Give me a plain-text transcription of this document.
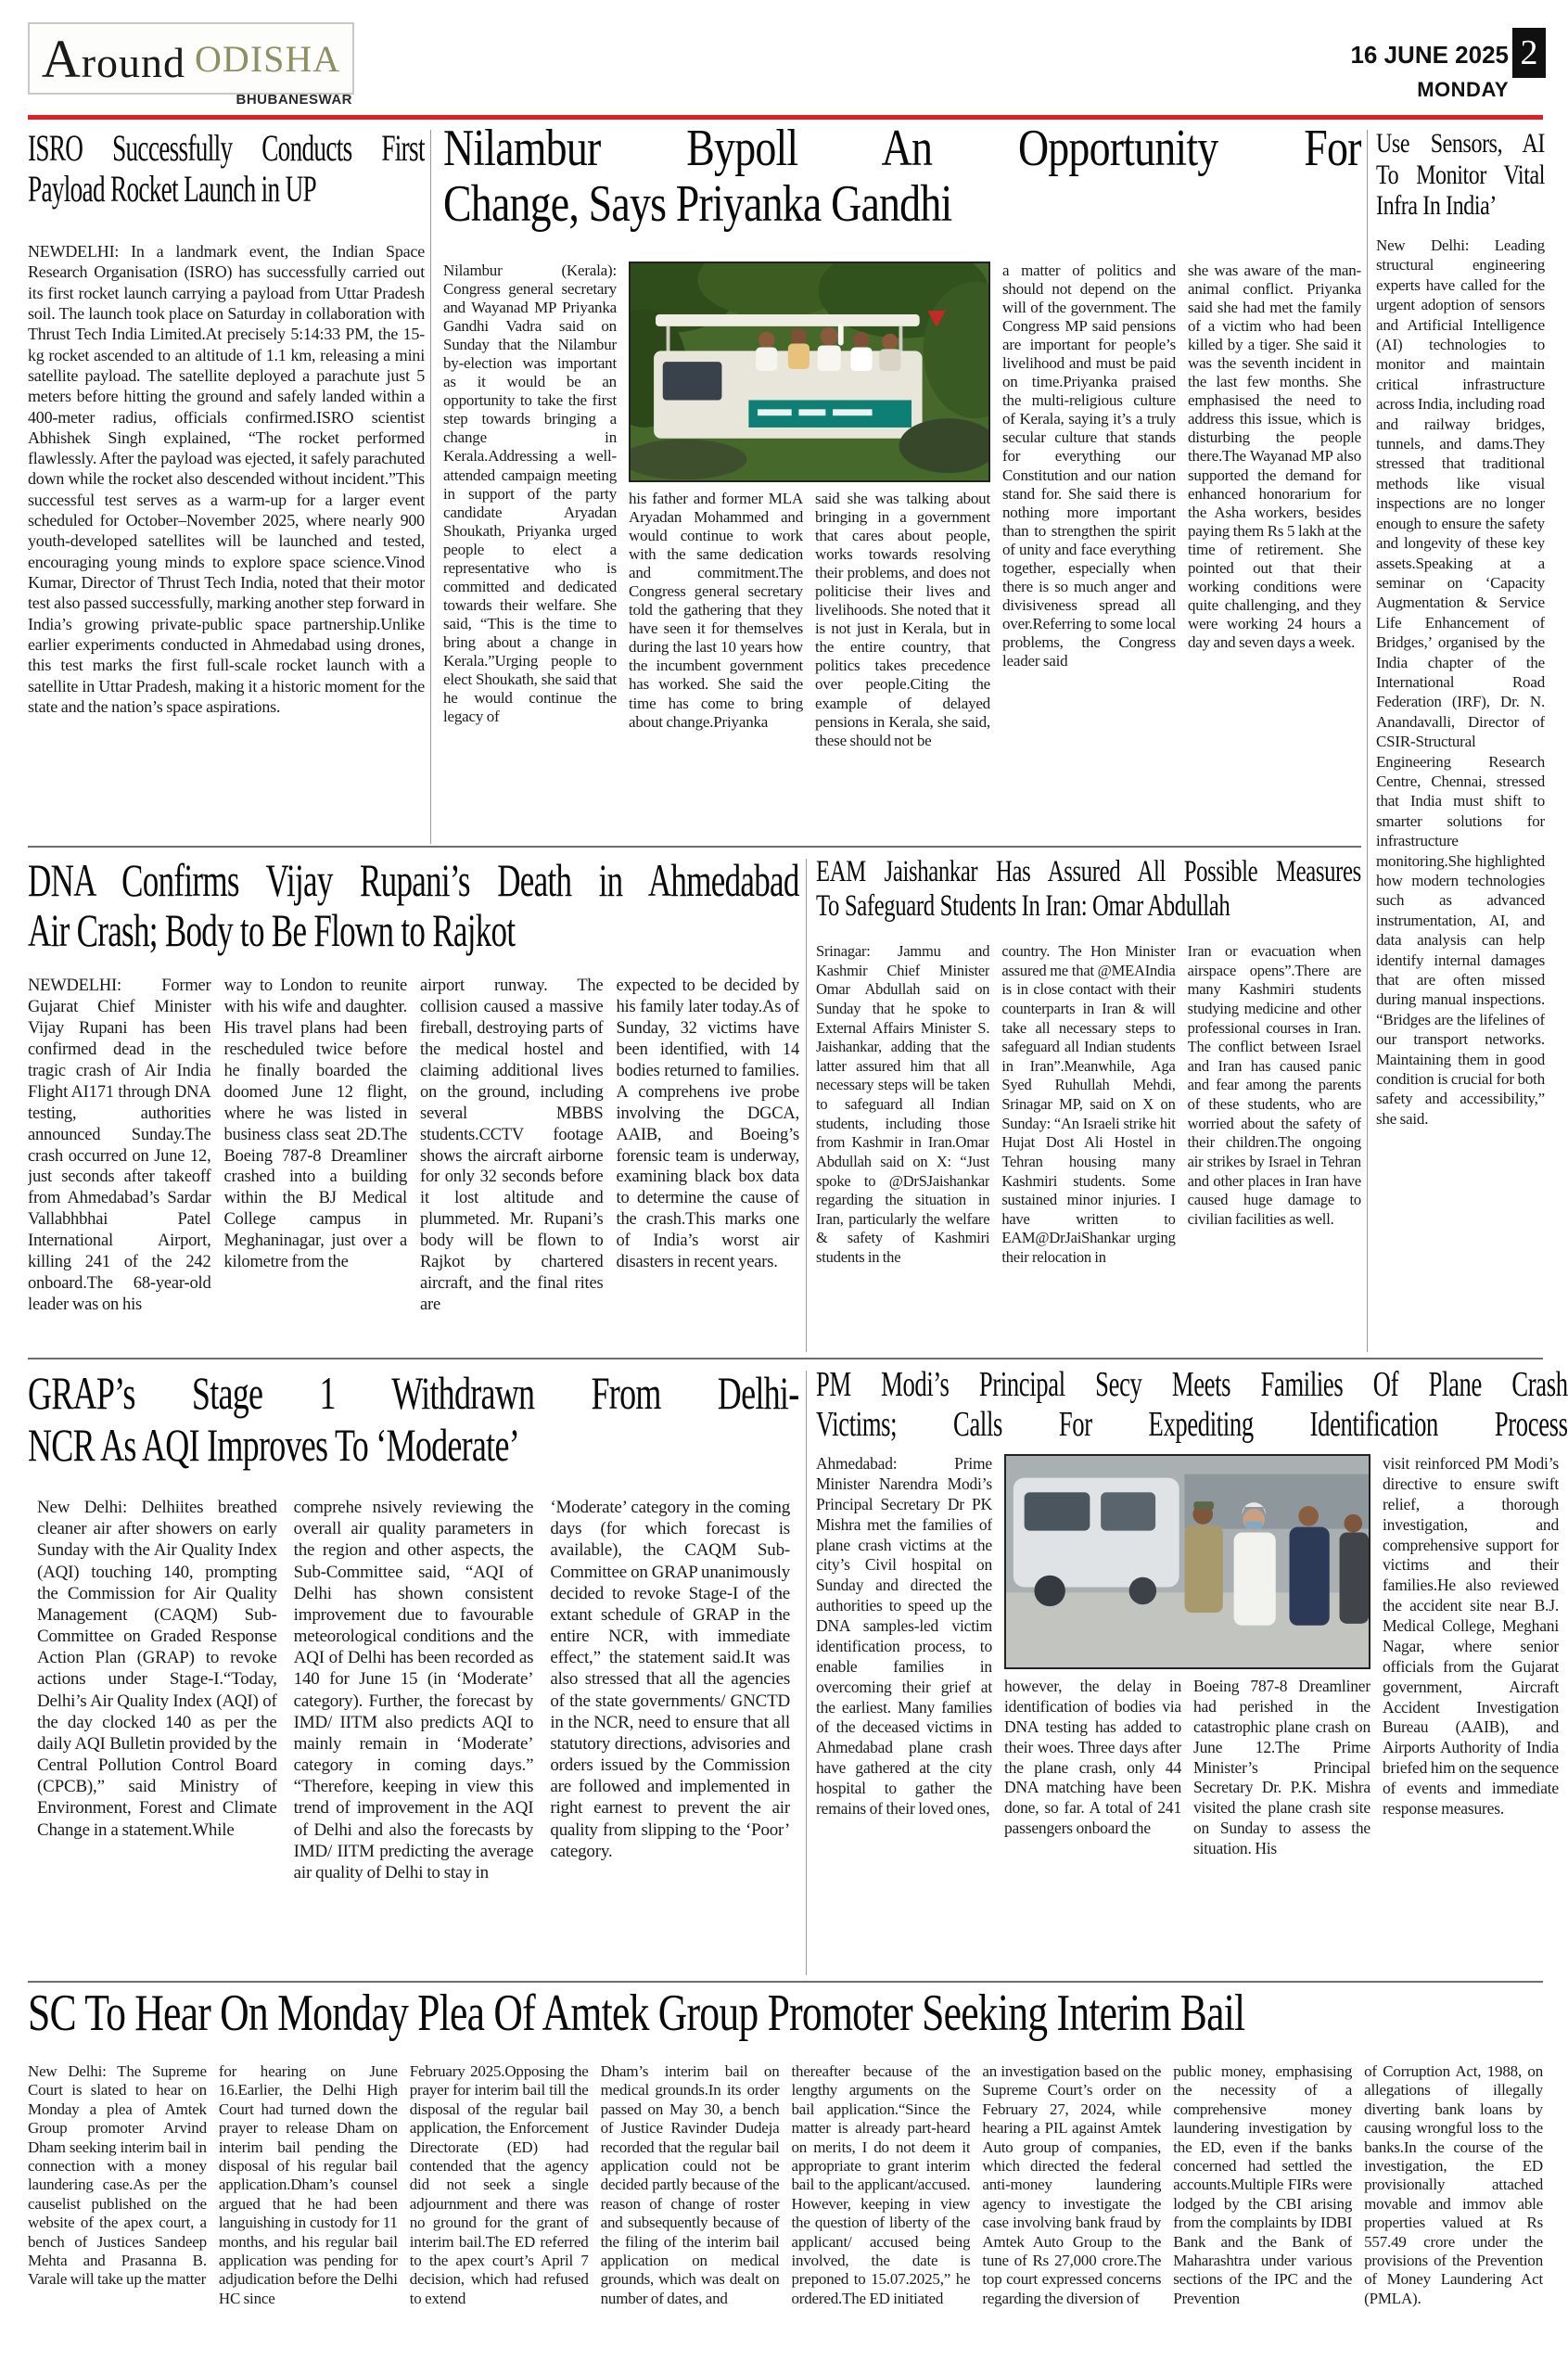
Around ODISHA
BHUBANESWAR
16 JUNE 2025 2
MONDAY
ISRO Successfully Conducts First
Payload Rocket Launch in UP
NEWDELHI: In a landmark event, the Indian Space Research Organisation (ISRO) has successfully carried out its first rocket launch carrying a payload from Uttar Pradesh soil. The launch took place on Saturday in collaboration with Thrust Tech India Limited.At precisely 5:14:33 PM, the 15-kg rocket ascended to an altitude of 1.1 km, releasing a mini satellite payload. The satellite deployed a parachute just 5 meters before hitting the ground and safely landed within a 400-meter radius, officials confirmed.ISRO scientist Abhishek Singh explained, “The rocket performed flawlessly. After the payload was ejected, it safely parachuted down while the rocket also descended without incident.”This successful test serves as a warm-up for a larger event scheduled for October–November 2025, where nearly 900 youth-developed satellites will be launched and tested, encouraging young minds to explore space science.Vinod Kumar, Director of Thrust Tech India, noted that their motor test also passed successfully, marking another step forward in India’s growing private-public space partnership.Unlike earlier experiments conducted in Ahmedabad using drones, this test marks the first full-scale rocket launch with a satellite in Uttar Pradesh, making it a historic moment for the state and the nation’s space aspirations.
Nilambur Bypoll An Opportunity For
Change, Says Priyanka Gandhi
Nilambur (Kerala): Congress general secretary and Wayanad MP Priyanka Gandhi Vadra said on Sunday that the Nilambur by-election was important as it would be an opportunity to take the first step towards bringing a change in Kerala.Addressing a well-attended campaign meeting in support of the party candidate Aryadan Shoukath, Priyanka urged people to elect a representative who is committed and dedicated towards their welfare. She said, “This is the time to bring about a change in Kerala.”Urging people to elect Shoukath, she said that he would continue the legacy of
his father and former MLA Aryadan Mohammed and would continue to work with the same dedication and commitment.The Congress general secretary told the gathering that they have seen it for themselves during the last 10 years how the incumbent government has worked. She said the time has come to bring about change.Priyanka
said she was talking about bringing in a government that cares about people, works towards resolving their problems, and does not politicise their lives and livelihoods. She noted that it is not just in Kerala, but in the entire country, that politics takes precedence over people.Citing the example of delayed pensions in Kerala, she said, these should not be
a matter of politics and should not depend on the will of the government. The Congress MP said pensions are important for people’s livelihood and must be paid on time.Priyanka praised the multi-religious culture of Kerala, saying it’s a truly secular culture that stands for everything our Constitution and our nation stand for. She said there is nothing more important than to strengthen the spirit of unity and face everything together, especially when there is so much anger and divisiveness spread all over.Referring to some local problems, the Congress leader said
she was aware of the man-animal conflict. Priyanka said she had met the family of a victim who had been killed by a tiger. She said it was the seventh incident in the last few months. She emphasised the need to address this issue, which is disturbing the people there.The Wayanad MP also supported the demand for enhanced honorarium for the Asha workers, besides paying them Rs 5 lakh at the time of retirement. She pointed out that their working conditions were quite challenging, and they were working 24 hours a day and seven days a week.
Use Sensors, AI
To Monitor Vital
Infra In India’
New Delhi: Leading structural engineering experts have called for the urgent adoption of sensors and Artificial Intelligence (AI) technologies to monitor and maintain critical infrastructure across India, including road and railway bridges, tunnels, and dams.They stressed that traditional methods like visual inspections are no longer enough to ensure the safety and longevity of these key assets.Speaking at a seminar on ‘Capacity Augmentation & Service Life Enhancement of Bridges,’ organised by the India chapter of the International Road Federation (IRF), Dr. N. Anandavalli, Director of CSIR-Structural Engineering Research Centre, Chennai, stressed that India must shift to smarter solutions for infrastructure monitoring.She highlighted how modern technologies such as advanced instrumentation, AI, and data analysis can help identify internal damages that are often missed during manual inspections. “Bridges are the lifelines of our transport networks. Maintaining them in good condition is crucial for both safety and accessibility,” she said.
DNA Confirms Vijay Rupani’s Death in Ahmedabad
Air Crash; Body to Be Flown to Rajkot
NEWDELHI: Former Gujarat Chief Minister Vijay Rupani has been confirmed dead in the tragic crash of Air India Flight AI171 through DNA testing, authorities announced Sunday.The crash occurred on June 12, just seconds after takeoff from Ahmedabad’s Sardar Vallabhbhai Patel International Airport, killing 241 of the 242 onboard.The 68-year-old leader was on his
way to London to reunite with his wife and daughter. His travel plans had been rescheduled twice before he finally boarded the doomed June 12 flight, where he was listed in business class seat 2D.The Boeing 787-8 Dreamliner crashed into a building within the BJ Medical College campus in Meghaninagar, just over a kilometre from the
airport runway. The collision caused a massive fireball, destroying parts of the medical hostel and claiming additional lives on the ground, including several MBBS students.CCTV footage shows the aircraft airborne for only 32 seconds before it lost altitude and plummeted. Mr. Rupani’s body will be flown to Rajkot by chartered aircraft, and the final rites are
expected to be decided by his family later today.As of Sunday, 32 victims have been identified, with 14 bodies returned to families. A comprehens ive probe involving the DGCA, AAIB, and Boeing’s forensic team is underway, examining black box data to determine the cause of the crash.This marks one of India’s worst air disasters in recent years.
EAM Jaishankar Has Assured All Possible Measures
To Safeguard Students In Iran: Omar Abdullah
Srinagar: Jammu and Kashmir Chief Minister Omar Abdullah said on Sunday that he spoke to External Affairs Minister S. Jaishankar, adding that the latter assured him that all necessary steps will be taken to safeguard all Indian students, including those from Kashmir in Iran.Omar Abdullah said on X: “Just spoke to @DrSJaishankar regarding the situation in Iran, particularly the welfare & safety of Kashmiri students in the
country. The Hon Minister assured me that @MEAIndia is in close contact with their counterparts in Iran & will take all necessary steps to safeguard all Indian students in Iran”.Meanwhile, Aga Syed Ruhullah Mehdi, Srinagar MP, said on X on Sunday: “An Israeli strike hit Hujat Dost Ali Hostel in Tehran housing many Kashmiri students. Some sustained minor injuries. I have written to EAM@DrJaiShankar urging their relocation in
Iran or evacuation when airspace opens”.There are many Kashmiri students studying medicine and other professional courses in Iran. The conflict between Israel and Iran has caused panic and fear among the parents of these students, who are worried about the safety of their children.The ongoing air strikes by Israel in Tehran and other places in Iran have caused huge damage to civilian facilities as well.
GRAP’s Stage 1 Withdrawn From Delhi-
NCR As AQI Improves To ‘Moderate’
New Delhi: Delhiites breathed cleaner air after showers on early Sunday with the Air Quality Index (AQI) touching 140, prompting the Commission for Air Quality Management (CAQM) Sub-Committee on Graded Response Action Plan (GRAP) to revoke actions under Stage-I.“Today, Delhi’s Air Quality Index (AQI) of the day clocked 140 as per the daily AQI Bulletin provided by the Central Pollution Control Board (CPCB),” said Ministry of Environment, Forest and Climate Change in a statement.While
comprehe nsively reviewing the overall air quality parameters in the region and other aspects, the Sub-Committee said, “AQI of Delhi has shown consistent improvement due to favourable meteorological conditions and the AQI of Delhi has been recorded as 140 for June 15 (in ‘Moderate’ category). Further, the forecast by IMD/ IITM also predicts AQI to mainly remain in ‘Moderate’ category in coming days.” “Therefore, keeping in view this trend of improvement in the AQI of Delhi and also the forecasts by IMD/ IITM predicting the average air quality of Delhi to stay in
‘Moderate’ category in the coming days (for which forecast is available), the CAQM Sub-Committee on GRAP unanimously decided to revoke Stage-I of the extant schedule of GRAP in the entire NCR, with immediate effect,” the statement said.It was also stressed that all the agencies of the state governments/ GNCTD in the NCR, need to ensure that all statutory directions, advisories and orders issued by the Commission are followed and implemented in right earnest to prevent the air quality from slipping to the ‘Poor’ category.
PM Modi’s Principal Secy Meets Families Of Plane Crash
Victims; Calls For Expediting Identification Process
Ahmedabad: Prime Minister Narendra Modi’s Principal Secretary Dr PK Mishra met the families of plane crash victims at the city’s Civil hospital on Sunday and directed the authorities to speed up the DNA samples-led victim identification process, to enable families in overcoming their grief at the earliest. Many families of the deceased victims in Ahmedabad plane crash have gathered at the city hospital to gather the remains of their loved ones,
however, the delay in identification of bodies via DNA testing has added to their woes. Three days after the plane crash, only 44 DNA matching have been done, so far. A total of 241 passengers onboard the
Boeing 787-8 Dreamliner had perished in the catastrophic plane crash on June 12.The Prime Minister’s Principal Secretary Dr. P.K. Mishra visited the plane crash site on Sunday to assess the situation. His
visit reinforced PM Modi’s directive to ensure swift relief, a thorough investigation, and comprehensive support for victims and their families.He also reviewed the accident site near B.J. Medical College, Meghani Nagar, where senior officials from the Gujarat government, Aircraft Accident Investigation Bureau (AAIB), and Airports Authority of India briefed him on the sequence of events and immediate response measures.
SC To Hear On Monday Plea Of Amtek Group Promoter Seeking Interim Bail
New Delhi: The Supreme Court is slated to hear on Monday a plea of Amtek Group promoter Arvind Dham seeking interim bail in connection with a money laundering case.As per the causelist published on the website of the apex court, a bench of Justices Sandeep Mehta and Prasanna B. Varale will take up the matter
for hearing on June 16.Earlier, the Delhi High Court had turned down the prayer to release Dham on interim bail pending the disposal of his regular bail application.Dham’s counsel argued that he had been languishing in custody for 11 months, and his regular bail application was pending for adjudication before the Delhi HC since
February 2025.Opposing the prayer for interim bail till the disposal of the regular bail application, the Enforcement Directorate (ED) had contended that the agency did not seek a single adjournment and there was no ground for the grant of interim bail.The ED referred to the apex court’s April 7 decision, which had refused to extend
Dham’s interim bail on medical grounds.In its order passed on May 30, a bench of Justice Ravinder Dudeja recorded that the regular bail application could not be decided partly because of the reason of change of roster and subsequently because of the filing of the interim bail application on medical grounds, which was dealt on number of dates, and
thereafter because of the lengthy arguments on the bail application.“Since the matter is already part-heard on merits, I do not deem it appropriate to grant interim bail to the applicant/accused. However, keeping in view the question of liberty of the applicant/ accused being involved, the date is preponed to 15.07.2025,” he ordered.The ED initiated
an investigation based on the Supreme Court’s order on February 27, 2024, while hearing a PIL against Amtek Auto group of companies, which directed the federal anti-money laundering agency to investigate the case involving bank fraud by Amtek Auto Group to the tune of Rs 27,000 crore.The top court expressed concerns regarding the diversion of
public money, emphasising the necessity of a comprehensive money laundering investigation by the ED, even if the banks concerned had settled the accounts.Multiple FIRs were lodged by the CBI arising from the complaints by IDBI Bank and the Bank of Maharashtra under various sections of the IPC and the Prevention
of Corruption Act, 1988, on allegations of illegally diverting bank loans by causing wrongful loss to the banks.In the course of the investigation, the ED provisionally attached movable and immov able properties valued at Rs 557.49 crore under the provisions of the Prevention of Money Laundering Act (PMLA).
